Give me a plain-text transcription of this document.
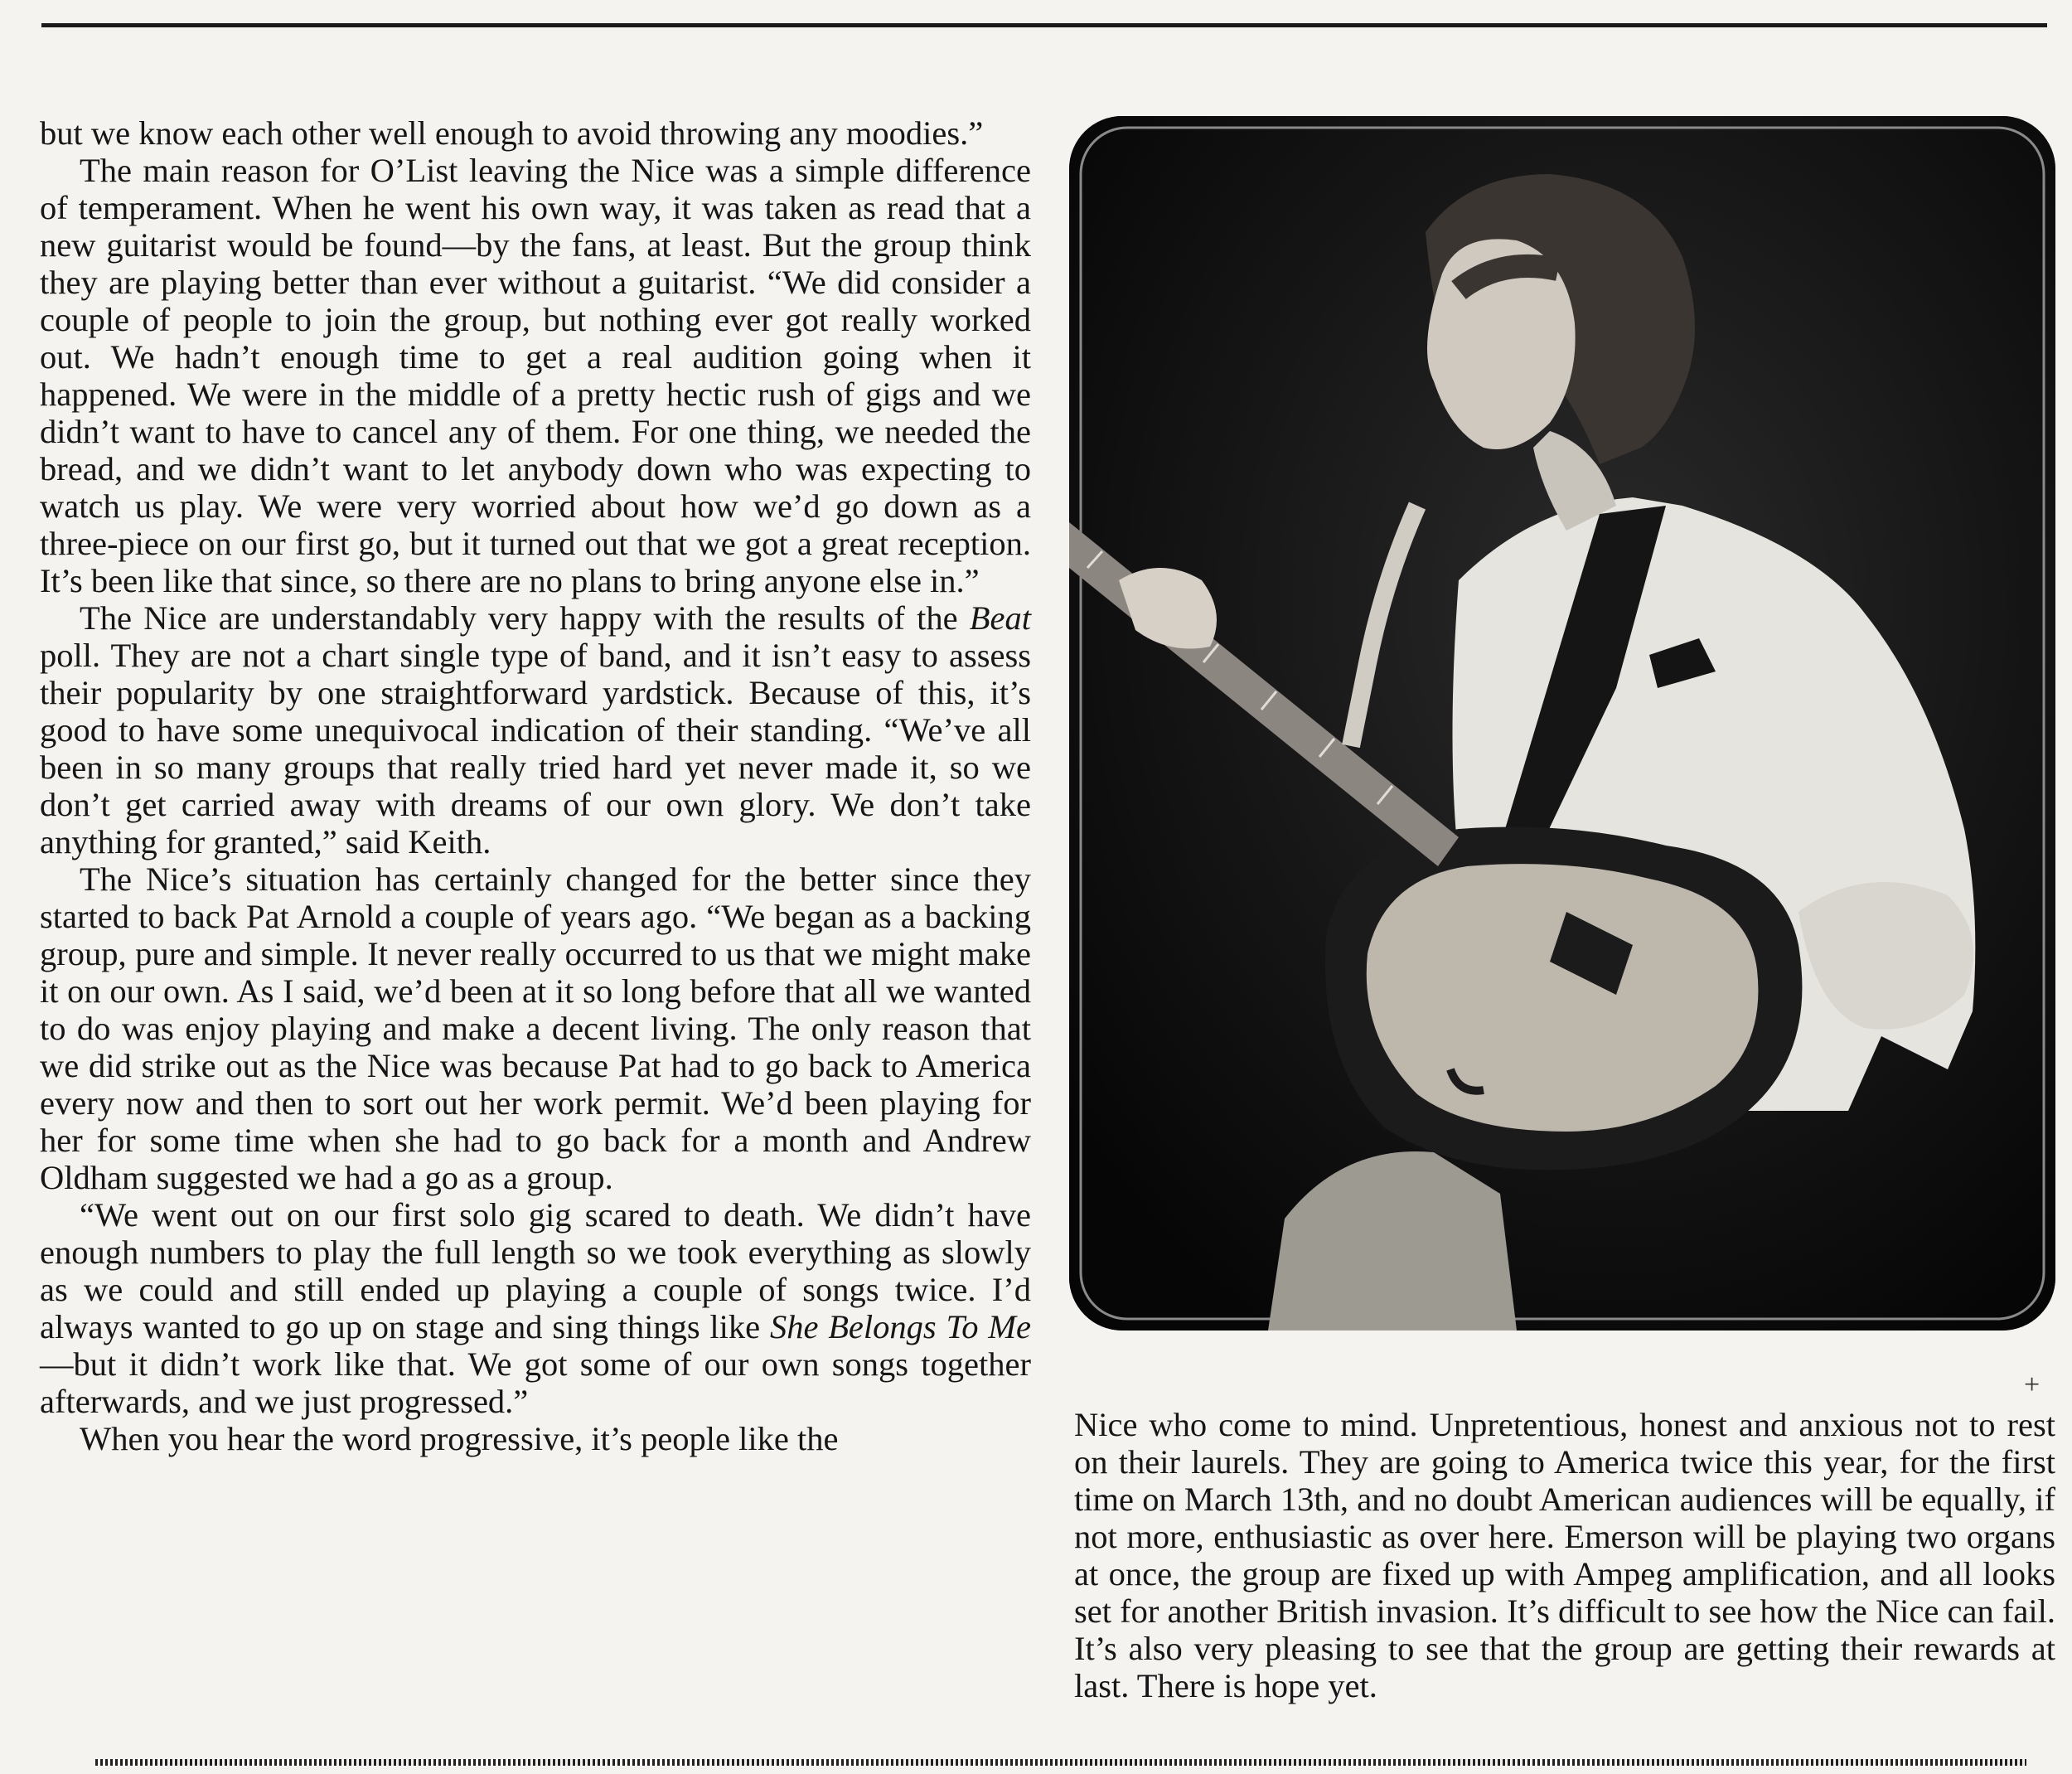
but we know each other well enough to avoid throwing any moodies.”

The main reason for O’List leaving the Nice was a simple difference of temperament. When he went his own way, it was taken as read that a new guitarist would be found—by the fans, at least. But the group think they are playing better than ever without a guitarist. “We did consider a couple of people to join the group, but nothing ever got really worked out. We hadn’t enough time to get a real audition going when it happened. We were in the middle of a pretty hectic rush of gigs and we didn’t want to have to cancel any of them. For one thing, we needed the bread, and we didn’t want to let anybody down who was expecting to watch us play. We were very worried about how we’d go down as a three-piece on our first go, but it turned out that we got a great reception. It’s been like that since, so there are no plans to bring anyone else in.”

The Nice are understandably very happy with the results of the Beat poll. They are not a chart single type of band, and it isn’t easy to assess their popularity by one straightforward yardstick. Because of this, it’s good to have some unequivocal indication of their standing. “We’ve all been in so many groups that really tried hard yet never made it, so we don’t get carried away with dreams of our own glory. We don’t take anything for granted,” said Keith.

The Nice’s situation has certainly changed for the better since they started to back Pat Arnold a couple of years ago. “We began as a backing group, pure and simple. It never really occurred to us that we might make it on our own. As I said, we’d been at it so long before that all we wanted to do was enjoy playing and make a decent living. The only reason that we did strike out as the Nice was because Pat had to go back to America every now and then to sort out her work permit. We’d been playing for her for some time when she had to go back for a month and Andrew Oldham suggested we had a go as a group.

“We went out on our first solo gig scared to death. We didn’t have enough numbers to play the full length so we took everything as slowly as we could and still ended up playing a couple of songs twice. I’d always wanted to go up on stage and sing things like She Belongs To Me—but it didn’t work like that. We got some of our own songs together afterwards, and we just progressed.”

When you hear the word progressive, it’s people like the

+

Nice who come to mind. Unpretentious, honest and anxious not to rest on their laurels. They are going to America twice this year, for the first time on March 13th, and no doubt American audiences will be equally, if not more, enthusiastic as over here. Emerson will be playing two organs at once, the group are fixed up with Ampeg amplification, and all looks set for another British invasion. It’s difficult to see how the Nice can fail. It’s also very pleasing to see that the group are getting their rewards at last. There is hope yet.
